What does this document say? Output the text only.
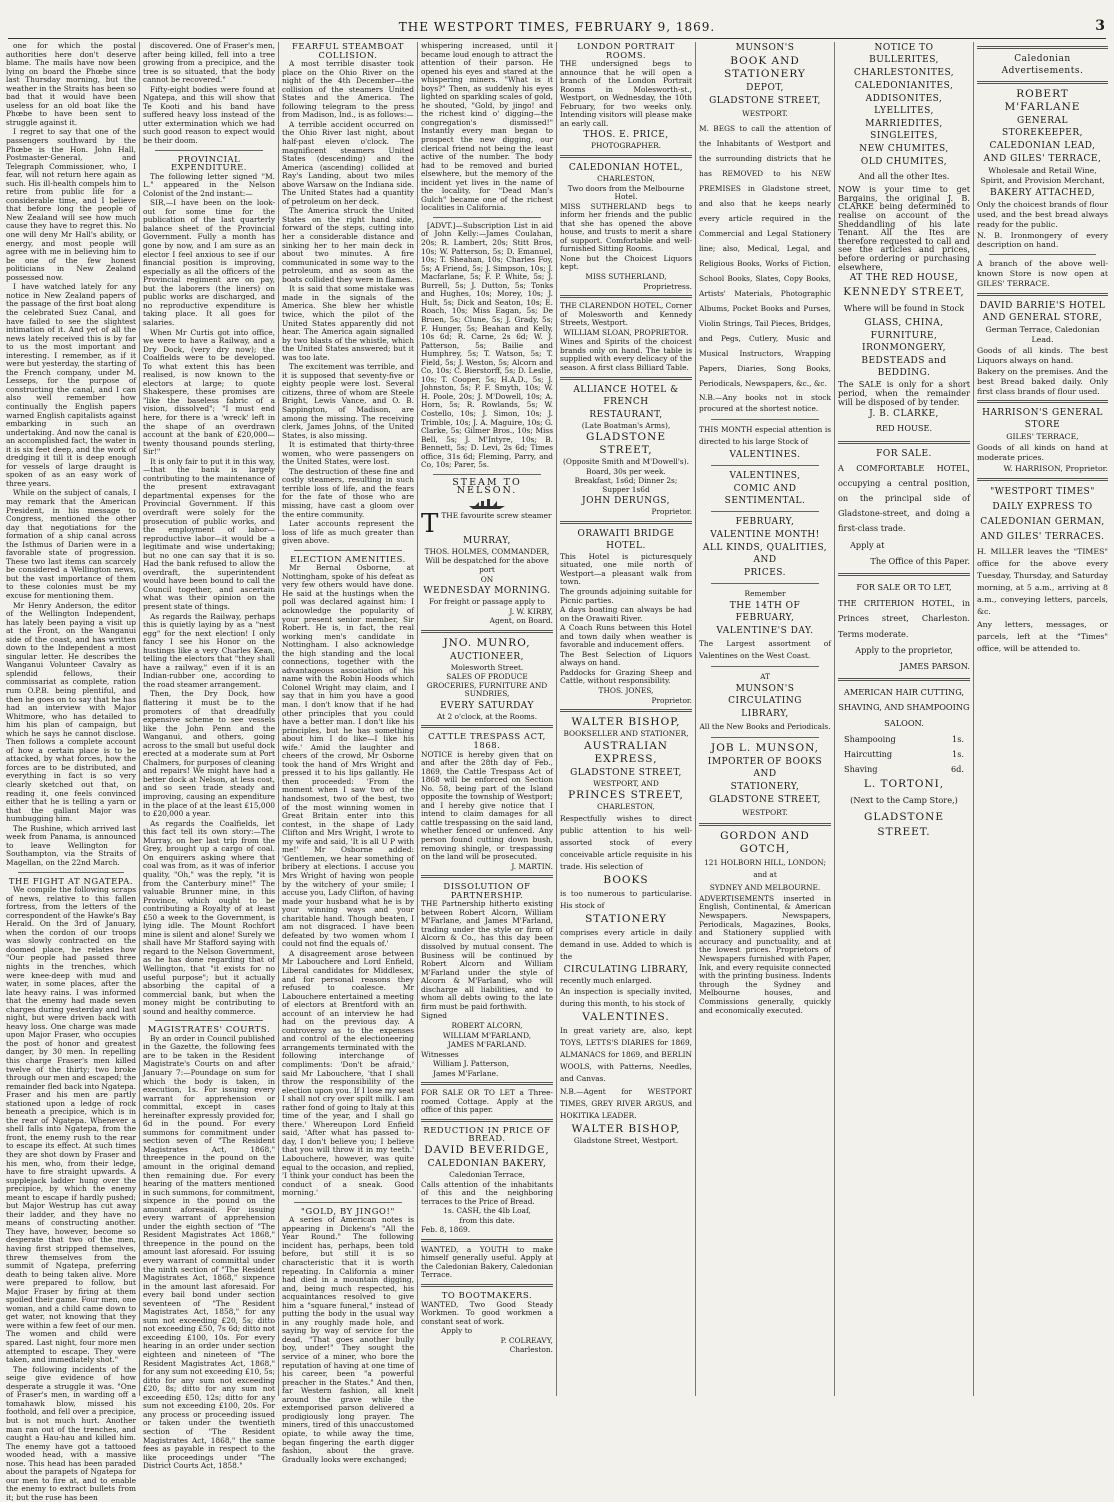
THE WESTPORT TIMES, FEBRUARY 9, 1869.	3

one for which the postal authorities here don't deserve blame. The mails have now been lying on board the Phœbe since last Thursday morning, but the weather in the Straits has been so bad that it would have been useless for an old boat like the Phœbe to have been sent to struggle against it.

I regret to say that one of the passengers southward by the Phœbe is the Hon. John Hall, Postmaster-General, and Telegraph Commissioner, who, I fear, will not return here again as such. His ill-health compels him to retire from public life for a considerable time, and I believe that before long the people of New Zealand will see how much cause they have to regret this. No one will deny Mr Hall's ability, or energy, and most people will agree with me in believing him to be one of the few honest politicians in New Zealand possessed now.

I have watched lately for any notice in New Zealand papers of the passage of the first boat along the celebrated Suez Canal, and have failed to see the slightest intimation of it. And yet of all the news lately received this is by far to us the most important and interesting. I remember, as if it were but yesterday, the starting of the French company, under M. Lesseps, for the purpose of constructing the canal, and I can also well remember how continually the English papers warned English capitalists against embarking in such an undertaking. And now the canal is an accomplished fact, the water in it is six feet deep, and the work of dredging it till it is deep enough for vessels of large draught is spoken of as an easy work of three years.

While on the subject of canals, I may remark that the American President, in his message to Congress, mentioned the other day that negotiations for the formation of a ship canal across the Isthmus of Darien were in a favorable state of progression. These two last items can scarcely be considered a Wellington news, but the vast importance of them to these colonies must be my excuse for mentioning them.

Mr Henry Anderson, the editor of the Wellington Independent, has lately been paying a visit up at the Front, on the Wanganui side of the coast, and has written down to the Independent a most singular letter. He describes the Wanganui Volunteer Cavalry as splendid fellows, their commissariat as complete, ration rum O.P.B. being plentiful, and then he goes on to say that he has had an interview with Major Whitmore, who has detailed to him his plan of campaign, but which he says he cannot disclose. Then follows a complete account of how a certain place is to be attacked, by what forces, how the forces are to be distributed, and everything in fact is so very clearly sketched out that, on reading it, one feels convinced either that he is telling a yarn or that the gallant Major was humbugging him.

The Rushine, which arrived last week from Panama, is announced to leave Wellington for Southampton, via the Straits of Magellan, on the 22nd March.

THE FIGHT AT NGATEPA.

We compile the following scraps of news, relative to this fallen fortress, from the letters of the correspondent of the Hawke's Bay Herald. On the 3rd of January, when the cordon of our troops was slowly contracted on the doomed place, he relates how "Our people had passed three nights in the trenches, which were knee-deep with mud and water, in some places, after the late heavy rains. I was informed that the enemy had made seven charges during yesterday and last night, but were driven back with heavy loss. One charge was made upon Major Fraser, who occupies the post of honor and greatest danger, by 30 men. In repelling this charge Fraser's men killed twelve of the thirty; two broke through our men and escaped; the remainder fled back into Ngatepa. Fraser and his men are partly stationed upon a ledge of rock beneath a precipice, which is in the rear of Ngatepa. Whenever a shell falls into Ngatepa, from the front, the enemy rush to the rear to escape its effect. At such times they are shot down by Fraser and his men, who, from their ledge, have to fire straight upwards. A supplejack ladder hung over the precipice, by which the enemy meant to escape if hardly pushed; but Major Westrup has cut away their ladder, and they have no means of constructing another. They have, however, become so desperate that two of the men, having first stripped themselves, threw themselves from the summit of Ngatepa, preferring death to being taken alive. More were prepared to follow, but Major Fraser by firing at them spoiled their game. Four men, one woman, and a child came down to get water, not knowing that they were within a few feet of our men. The women and child were spared. Last night, four more men attempted to escape. They were taken, and immediately shot."

The following incidents of the seige give evidence of how desperate a struggle it was. "One of Fraser's men, in warding off a tomahawk blow, missed his foothold, and fell over a precipice, but is not much hurt. Another man ran out of the trenches, and caught a Hau-hau and killed him. The enemy have got a tattooed wooded head, with a massive nose. This head has been paraded about the parapets of Ngatepa for our men to fire at, and to enable the enemy to extract bullets from it; but the ruse has been

discovered. One of Fraser's men, after being killed, fell into a tree growing from a precipice, and the tree is so situated, that the body cannot be recovered."

Fifty-eight bodies were found at Ngatepa, and this will show that Te Kooti and his band have suffered heavy loss instead of the utter extermination which we had such good reason to expect would be their doom.

PROVINCIAL EXPENDITURE.

The following letter signed "M. L." appeared in the Nelson Colonist of the 2nd instant:—

SIR,—I have been on the look-out for some time for the publication of the last quarterly balance sheet of the Provincial Government. Fully a month has gone by now, and I am sure as an elector I feel anxious to see if our financial position is improving, especially as all the officers of the Provincial regiment are on pay, but the laborers (the liners) on public works are discharged, and no reproductive expenditure is taking place. It all goes for salaries.

When Mr Curtis got into office, we were to have a Railway, and a Dry Dock, (very dry now); the Coalfields were to be developed. To what extent this has been realised, is now known to the electors at large; to quote Shakespere, these promises are "like the baseless fabric of a vision, dissolved"; "I must end here, for there is a 'wreck' left in the shape of an overdrawn account at the bank of £20,000—twenty thousand pounds sterling, Sir!"

It is only fair to put it in this way,—that the bank is largely contributing to the maintenance of the present extravagant departmental expenses for the Provincial Government. If this overdraft were solely for the prosecution of public works, and the employment of labor—reproductive labor—it would be a legitimate and wise undertaking; but no one can say that it is so. Had the bank refused to allow the overdraft, the superintendent would have been bound to call the Council together, and ascertain what was their opinion on the present state of things.

As regards the Railway, perhaps this is quietly laying by as a "nest egg" for the next election! I only fancy I see his Honor on the hustings like a very Charles Kean, telling the electors that "they shall have a railway," even if it is an Indian-rubber one, according to the road steamer arrangement.

Then, the Dry Dock, how flattering it must be to the promoters of that dreadfully expensive scheme to see vessels like the John Penn and the Wanganui, and others, going across to the small but useful dock erected at a moderate sum at Port Chalmers, for purposes of cleaning and repairs! We might have had a better dock at Nelson, at less cost, and so seen trade steady and improving, causing an expenditure in the place of at the least £15,000 to £20,000 a year.

As regards the Coalfields, let this fact tell its own story:—The Murray, on her last trip from the Grey, brought up a cargo of coal. On enquirers asking where that coal was from, as it was of inferior quality, "Oh," was the reply, "it is from the Canterbury mine!" The valuable Brunner mine, in this Province, which ought to be contributing a Royalty of at least £50 a week to the Government, is lying idle. The Mount Rochfort mine is silent and alone! Surely we shall have Mr Stafford saying with regard to the Nelson Government, as he has done regarding that of Wellington, that "it exists for no useful purpose"; but it actually absorbing the capital of a commercial bank, but when the money might be contributing to sound and healthy commerce.

MAGISTRATES' COURTS.

By an order in Council published in the Gazette, the following fees are to be taken in the Resident Magistrate's Courts on and after January 7:—Poundage on sum for which the body is taken, in execution, 1s. For issuing every warrant for apprehension or committal, except in cases hereinafter expressly provided for, 6d in the pound. For every summons for commitment under section seven of "The Resident Magistrates Act, 1868," threepence in the pound on the amount in the original demand then remaining due. For every hearing of the matters mentioned in such summons, for commitment, sixpence in the pound on the amount aforesaid. For issuing every warrant of apprehension under the eighth section of "The Resident Magistrates Act 1868," threepence in the pound on the amount last aforesaid. For issuing every warrant of committal under the ninth section of "The Resident Magistrates Act, 1868," sixpence in the amount last aforesaid. For every bail bond under section seventeen of "The Resident Magistrates Act, 1858," for any sum not exceeding £20, 5s; ditto not exceeding £50, 7s 6d; ditto not exceeding £100, 10s. For every hearing in an order under section eighteen and nineteen of "The Resident Magistrates Act, 1868," for any sum not exceeding £10, 5s; ditto for any sum not exceeding £20, 8s; ditto for any sum not exceeding £50, 12s; ditto for any sum not exceeding £100, 20s. For any process or proceeding issued or taken under the twentieth section of "The Resident Magistrates Act, 1868," the same fees as payable in respect to the like proceedings under "The District Courts Act, 1858."

FEARFUL STEAMBOAT COLLISION.

A most terrible disaster took place on the Ohio River on the night of the 4th December—the collision of the steamers United States and the America. The following telegram to the press from Madison, Ind., is as follows:—

A terrible accident occurred on the Ohio River last night, about half-past eleven o'clock. The magnificent steamers United States (descending) and the America (ascending) collided at Ray's Landing, about two miles above Warsaw on the Indiana side. The United States had a quantity of petroleum on her deck.

The America struck the United States on the right hand side, forward of the steps, cutting into her a considerable distance and sinking her to her main deck in about two minutes. A fire communicated in some way to the petroleum, and as soon as the boats collided they were in flames.

It is said that some mistake was made in the signals of the America. She blew her whistle twice, which the pilot of the United States apparently did not hear. The America again signalled by two blasts of the whistle, which the United States answered; but it was too late.

The excitement was terrible, and it is supposed that seventy-five or eighty people were lost. Several citizens, three of whom are Steele Bright, Lewis Vance, and O. B. Sappington, of Madison, are among the missing. The receiving clerk, James Johns, of the United States, is also missing.

It is estimated that thirty-three women, who were passengers on the United States, were lost.

The destruction of these fine and costly steamers, resulting in such terrible loss of life, and the fears for the fate of those who are missing, have cast a gloom over the entire community.

Later accounts represent the loss of life as much greater than given above.

ELECTION AMENITIES.

Mr Bernal Osborne, at Nottingham, spoke of his defeat as very few others would have done. He said at the hustings when the poll was declared against him: I acknowledge the popularity of your present senior member, Sir Robert. He is, in fact, the real working men's candidate in Nottingham. I also acknowledge the high standing and the local connections, together with the advantageous association of his name with the Robin Hoods which Colonel Wright may claim, and I say that in him you have a good man. I don't know that if he had other principles that you could have a better man. I don't like his principles, but he has something about him I do like—I like his wife.' Amid the laughter and cheers of the crowd, Mr Osborne took the hand of Mrs Wright and pressed it to his lips gallantly. He then proceeded: 'From the moment when I saw two of the handsomest, two of the best, two of the most winning women in Great Britain enter into this contest, in the shape of Lady Clifton and Mrs Wright, I wrote to my wife and said, 'It is all U P with me!' Mr Osborne added: 'Gentlemen, we hear something of bribery at elections. I accuse you Mrs Wright of having won people by the witchery of your smile; I accuse you, Lady Clifton, of having made your husband what he is by your winning ways and your charitable hand. Though beaten, I am not disgraced. I have been defeated by two women whom I could not find the equals of.'

A disagreement arose between Mr Labouchere and Lord Enfield, Liberal candidates for Middlesex, and for personal reasons they refused to coalesce. Mr Labouchere entertained a meeting of electors at Brentford with an account of an interview he had had on the previous day. A controversy as to the expenses and control of the electioneering arrangements terminated with the following interchange of compliments: 'Don't be afraid,' said Mr Labouchere, 'that I shall throw the responsibility of the election upon you. If I lose my seat I shall not cry over spilt milk. I am rather fond of going to Italy at this time of the year, and I shall go there.' Whereupon Lord Enfield said, 'After what has passed to-day, I don't believe you; I believe that you will throw it in my teeth.' Labouchere, however, was quite equal to the occasion, and replied, 'I think your conduct has been the conduct of a sneak. Good morning.'

"GOLD, BY JINGO!"

A series of American notes is appearing in Dickens's "All the Year Round." The following incident has, perhaps, been told before, but still it is so characteristic that it is worth repeating. In California a miner had died in a mountain digging, and, being much respected, his acquaintances resolved to give him a "square funeral," instead of putting the body in the usual way in any roughly made hole, and saying by way of service for the dead, "That goes another bully boy, under!" They sought the service of a miner, who bore the reputation of having at one time of his career, been "a powerful preacher in the States." And then, far Western fashion, all knelt around the grave while the extemporised parson delivered a prodigiously long prayer. The miners, tired of this unaccustomed opiate, to while away the time, began fingering the earth digger fashion, about the grave. Gradually looks were exchanged;

whispering increased, until it became loud enough to attract the attention of their parson. He opened his eyes and stared at the whispering miners. "What is it boys?" Then, as suddenly his eyes lighted on sparkling scales of gold, he shouted, "Gold, by jingo! and the richest kind o' digging—the congregation's dismissed!" Instantly every man began to prospect the new digging, our clerical friend not being the least active of the number. The body had to be removed and buried elsewhere, but the memory of the incident yet lives in the name of the locality, for "Dead Man's Gulch" became one of the richest localities in California.

[ADVT.]—Subscription List in aid of John Kelly:—James Coulahan, 20s; R. Lambert, 20s; Stitt Bros, 10s; W. Patterson, 5s; D. Emanuel, 10s; T. Sheahan, 10s; Charles Foy, 5s; A Friend, 5s; J. Simpson, 10s; J. Macfarlane, 5s; F. P. White, 5s; J. Burrell, 5s; J. Dutton, 5s; Tonks and Hughes, 10s; Morey, 10s; J. Hult, 5s; Dick and Seaton, 10s; E. Roach, 10s; Miss Eagan, 5s; De Bruen, 5s; Clune, 5s; J. Grady, 5s; F. Hunger, 5s; Beahan and Kelly, 10s 6d; R. Carne, 2s 6d; W. J. Patterson, 5s; Bailie and Humphrey, 5s; T. Watson, 5s; T. Field, 5s; J. Weston, 5s; Alcorn and Co, 10s; C. Bierstorff, 5s; D. Leslie, 10s; T. Cooper, 5s; H.A.D., 5s; J. Johnston, 5s; P. F. Smyth, 10s; W. H. Poole, 20s; J. M'Dowell, 10s; A. Horn, 5s; R. Rowlands, 5s; W. Costello, 10s; J. Simon, 10s; J. Trimble, 10s; J. A. Maguire, 10s; G. Clarke, 5s; Gilmer Bros., 10s; Miss Bell, 5s; J. M'Intyre, 10s; B. Bennett, 5s; D. Levi, 2s 6d; Times office, 31s 6d; Fleming, Parry, and Co, 10s; Parer, 5s.

STEAM TO NELSON.

TTHE favourite screw steamer

MURRAY,

THOS. HOLMES, COMMANDER,

Will be despatched for the above port

ON

WEDNESDAY MORNING.

For freight or passage apply to

J. W. KIRBY,

Agent, on Board.

JNO. MUNRO,

AUCTIONEER,

Molesworth Street.

SALES OF PRODUCE GROCERIES, FURNITURE AND SUNDRIES,

EVERY SATURDAY

At 2 o'clock, at the Rooms.

CATTLE TRESPASS ACT, 1868.

NOTICE is hereby given that on and after the 28th day of Feb., 1869, the Cattle Trespass Act of 1868 will be enforced on Section No. 58, being part of the Island opposite the township of Westport; and I hereby give notice that I intend to claim damages for all cattle trespassing on the said land, whether fenced or unfenced. Any person found cutting down bush, removing shingle, or trespassing on the land will be prosecuted.

J. MARTIN.

DISSOLUTION OF PARTNERSHIP.

THE Partnership hitherto existing between Robert Alcorn, William M'Farlane, and James M'Farland, trading under the style or firm of Alcorn & Co., has this day been dissolved by mutual consent. The Business will be continued by Robert Alcorn and William M'Farland under the style of Alcorn & M'Farland, who will discharge all liabilities, and to whom all debts owing to the late firm must be paid forthwith.

Signed

ROBERT ALCORN,

WILLIAM M'FARLAND,

JAMES M'FARLAND.

Witnesses

William J. Patterson,

James M'Farlane.

FOR SALE OR TO LET a Three-roomed Cottage. Apply at the office of this paper.

REDUCTION IN PRICE OF BREAD.

DAVID BEVERIDGE,

CALEDONIAN BAKERY,

Caledonian Terrace,

Calls attention of the inhabitants of this and the neighboring terraces to the Price of Bread.

1s. CASH, the 4lb Loaf,

from this date.

Feb. 8, 1869.

WANTED, a YOUTH to make himself generally useful. Apply at the Caledonian Bakery, Caledonian Terrace.

TO BOOTMAKERS.

WANTED, Two Good Steady Workmen. To good workmen a constant seat of work.

Apply to

P. COLREAVY,

Charleston.

LONDON PORTRAIT ROOMS.

THE undersigned begs to announce that he will open a branch of the London Portrait Rooms in Molesworth-st., Westport, on Wednesday, the 10th February, for two weeks only. Intending visitors will please make an early call.

THOS. E. PRICE,

PHOTOGRAPHER.

CALEDONIAN HOTEL,

CHARLESTON,

Two doors from the Melbourne Hotel.

MISS SUTHERLAND begs to inform her friends and the public that she has opened the above house, and trusts to merit a share of support. Comfortable and well-furnished Sitting Rooms.

None but the Choicest Liquors kept.

MISS SUTHERLAND,

Proprietress.

THE CLARENDON HOTEL, Corner of Molesworth and Kennedy Streets, Westport.

WILLIAM SLOAN, PROPRIETOR.

Wines and Spirits of the choicest brands only on hand. The table is supplied with every delicacy of the season. A first class Billiard Table.

ALLIANCE HOTEL & FRENCH

RESTAURANT,

(Late Boatman's Arms),

GLADSTONE STREET,

(Opposite Smith and M'Dowell's).

Board, 30s per week.

Breakfast, 1s6d; Dinner 2s; Supper 1s6d

JOHN DERUNGS,

Proprietor.

ORAWAITI BRIDGE HOTEL.

This Hotel is picturesquely situated, one mile north of Westport—a pleasant walk from town.

The grounds adjoining suitable for Picnic parties.

A days boating can always be had on the Orawaiti River.

A Coach Runs between this Hotel and town daily when weather is favorable and inducement offers.

The Best Selection of Liquors always on hand.

Paddocks for Grazing Sheep and Cattle, without responsibility.

THOS. JONES,

Proprietor.

WALTER BISHOP,

BOOKSELLER AND STATIONER,

AUSTRALIAN EXPRESS,

GLADSTONE STREET,

WESTPORT, AND

PRINCES STREET,

CHARLESTON,

Respectfully wishes to direct public attention to his well-assorted stock of every conceivable article requisite in his trade. His selection of

BOOKS

is too numerous to particularise. His stock of

STATIONERY

comprises every article in daily demand in use. Added to which is the

CIRCULATING LIBRARY,

recently much enlarged.

An inspection is specially invited, during this month, to his stock of

VALENTINES.

In great variety are, also, kept TOYS, LETTS'S DIARIES for 1869, ALMANACS for 1869, and BERLIN WOOLS, with Patterns, Needles, and Canvas.

N.B.—Agent for WESTPORT TIMES, GREY RIVER ARGUS, and HOKITIKA LEADER.

WALTER BISHOP,

Gladstone Street, Westport.

MUNSON'S

BOOK AND STATIONERY

DEPOT,

GLADSTONE STREET,

WESTPORT.

M. BEGS to call the attention of the Inhabitants of Westport and the surrounding districts that he has REMOVED to his NEW PREMISES in Gladstone street, and also that he keeps nearly every article required in the Commercial and Legal Stationery line; also, Medical, Legal, and Religious Books, Works of Fiction, School Books, Slates, Copy Books, Artists' Materials, Photographic Albums, Pocket Books and Purses, Violin Strings, Tail Pieces, Bridges, and Pegs, Cutlery, Music and Musical Instructors, Wrapping Papers, Diaries, Song Books, Periodicals, Newspapers, &c., &c.

N.B.—Any books not in stock procured at the shortest notice.

THIS MONTH especial attention is directed to his large Stock of

VALENTINES.

VALENTINES,

COMIC AND SENTIMENTAL.

FEBRUARY,

VALENTINE MONTH!

ALL KINDS, QUALITIES, AND

PRICES.

Remember

THE 14TH OF FEBRUARY,

VALENTINE'S DAY.

The Largest assortment of Valentines on the West Coast.

AT

MUNSON'S CIRCULATING

LIBRARY,

All the New Books and Periodicals.

JOB L. MUNSON,

IMPORTER OF BOOKS AND

STATIONERY,

GLADSTONE STREET,

WESTPORT.

GORDON AND GOTCH,

121 HOLBORN HILL, LONDON;

and at

SYDNEY AND MELBOURNE.

ADVERTISEMENTS inserted in English, Continental, & American Newspapers. Newspapers, Periodicals, Magazines, Books, and Stationery supplied with accuracy and punctuality, and at the lowest prices. Proprietors of Newspapers furnished with Paper, Ink, and every requisite connected with the printing business. Indents through the Sydney and Melbourne houses, and Commissions generally, quickly and economically executed.

NOTICE TO BULLERITES,

CHARLESTONITES,

CALEDONIANITES,

ADDISONITES, LYELLITES,

MARRIEDITES, SINGLEITES,

NEW CHUMITES,

OLD CHUMITES,

And all the other Ites.

NOW is your time to get Bargains, the original J. B. CLARKE being determined to realise on account of the Sheddandling of his late Tenant. All the Ites are therefore requested to call and see the articles and prices, before ordering or purchasing elsewhere,

AT THE RED HOUSE,

KENNEDY STREET,

Where will be found in Stock

GLASS, CHINA,

FURNITURE, IRONMONGERY,

BEDSTEADS and BEDDING.

The SALE is only for a short period, when the remainder will be disposed of by tender.

J. B. CLARKE,

RED HOUSE.

FOR SALE.

A COMFORTABLE HOTEL, occupying a central position, on the principal side of Gladstone-street, and doing a first-class trade.

Apply at

The Office of this Paper.

FOR SALE OR TO LET,

THE CRITERION HOTEL, in Princes street, Charleston. Terms moderate.

Apply to the proprietor,

JAMES PARSON.

AMERICAN HAIR CUTTING, SHAVING, AND SHAMPOOING SALOON.

Shampooing	1s.
Haircutting	1s.
Shaving	6d.

L. TORTONI,

(Next to the Camp Store,)

GLADSTONE STREET.

Caledonian Advertisements.

ROBERT M'FARLANE

GENERAL STOREKEEPER,

CALEDONIAN LEAD,

AND GILES' TERRACE,

Wholesale and Retail Wine, Spirit, and Provision Merchant,

BAKERY ATTACHED,

Only the choicest brands of flour used, and the best bread always ready for the public.

N. B. Ironmongery of every description on hand.

A branch of the above well-known Store is now open at GILES' TERRACE.

DAVID BARRIE'S HOTEL AND GENERAL STORE,

German Terrace, Caledonian Lead.

Goods of all kinds. The best Liquors always on hand.

Bakery on the premises. And the best Bread baked daily. Only first class brands of flour used.

HARRISON'S GENERAL STORE

GILES' TERRACE,

Goods of all kinds on hand at moderate prices.

W. HARRISON, Proprietor.

"WESTPORT TIMES" DAILY EXPRESS TO CALEDONIAN GERMAN, AND GILES' TERRACES.

H. MILLER leaves the "TIMES" office for the above every Tuesday, Thursday, and Saturday morning, at 5 a.m., arriving at 8 a.m., conveying letters, parcels, &c.

Any letters, messages, or parcels, left at the "Times" office, will be attended to.
